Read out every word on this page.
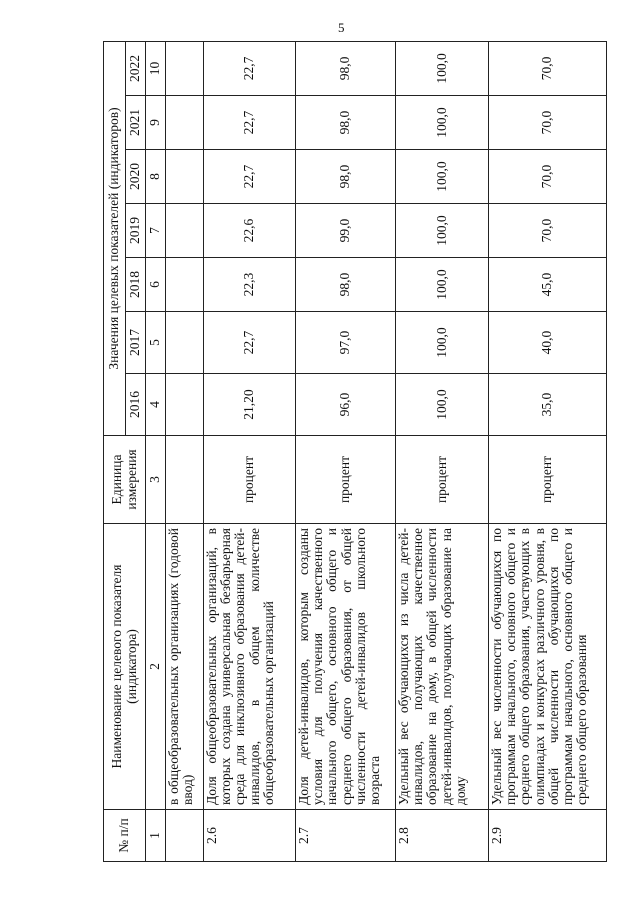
5
№ п/п	Наименование целевого показателя (индикатора)	Единица измерения	Значения целевых показателей (индикаторов)						
			2016	2017	2018	2019	2020	2021	2022
1	2	3	4	5	6	7	8	9	10
	в общеобразовательных организациях (годовой ввод)								
2.6	Доля общеобразовательных организаций, в которых создана универсальная безбарьерная среда для инклюзивного образования детей-инвалидов, в общем количестве общеобразовательных организаций	процент	21,20	22,7	22,3	22,6	22,7	22,7	22,7
2.7	Доля детей-инвалидов, которым созданы условия для получения качественного начального общего, основного общего и среднего общего образования, от общей численности детей-инвалидов школьного возраста	процент	96,0	97,0	98,0	99,0	98,0	98,0	98,0
2.8	Удельный вес обучающихся из числа детей-инвалидов, получающих качественное образование на дому, в общей численности детей-инвалидов, получающих образование на дому	процент	100,0	100,0	100,0	100,0	100,0	100,0	100,0
2.9	Удельный вес численности обучающихся по программам начального, основного общего и среднего общего образования, участвующих в олимпиадах и конкурсах различного уровня, в общей численности обучающихся по программам начального, основного общего и среднего общего образования	процент	35,0	40,0	45,0	70,0	70,0	70,0	70,0
